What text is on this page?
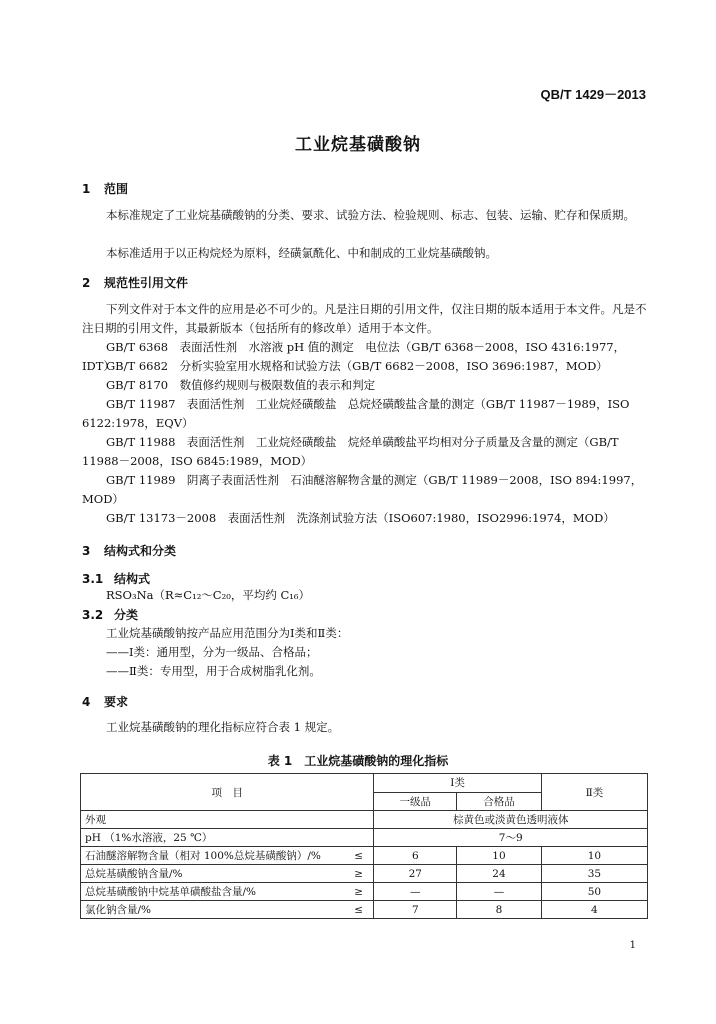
QB/T 1429－2013
工业烷基磺酸钠
1 范围
本标准规定了工业烷基磺酸钠的分类、要求、试验方法、检验规则、标志、包装、运输、贮存和保质期。
本标准适用于以正构烷烃为原料，经磺氯酰化、中和制成的工业烷基磺酸钠。
2 规范性引用文件
下列文件对于本文件的应用是必不可少的。凡是注日期的引用文件，仅注日期的版本适用于本文件。凡是不注日期的引用文件，其最新版本（包括所有的修改单）适用于本文件。
GB/T 6368　表面活性剂　水溶液 pH 值的测定　电位法（GB/T 6368－2008，ISO 4316:1977，IDT）
GB/T 6682　分析实验室用水规格和试验方法（GB/T 6682－2008，ISO 3696:1987，MOD）
GB/T 8170　数值修约规则与极限数值的表示和判定
GB/T 11987　表面活性剂　工业烷烃磺酸盐　总烷烃磺酸盐含量的测定（GB/T 11987－1989，ISO 6122:1978，EQV）
GB/T 11988　表面活性剂　工业烷烃磺酸盐　烷烃单磺酸盐平均相对分子质量及含量的测定（GB/T 11988－2008，ISO 6845:1989，MOD）
GB/T 11989　阴离子表面活性剂　石油醚溶解物含量的测定（GB/T 11989－2008，ISO 894:1997，MOD）
GB/T 13173－2008　表面活性剂　洗涤剂试验方法（ISO607:1980，ISO2996:1974，MOD）
3 结构式和分类
3.1 结构式
RSO₃Na（R≈C₁₂～C₂₀，平均约 C₁₆）
3.2 分类
工业烷基磺酸钠按产品应用范围分为Ⅰ类和Ⅱ类：
——Ⅰ类：通用型，分为一级品、合格品；
——Ⅱ类：专用型，用于合成树脂乳化剂。
4 要求
工业烷基磺酸钠的理化指标应符合表 1 规定。
表 1　工业烷基磺酸钠的理化指标
项　目		Ⅰ类		Ⅱ类
		一级品	合格品	
外观		棕黄色或淡黄色透明液体		
pH （1%水溶液，25 ℃）		7～9		
石油醚溶解物含量（相对 100%总烷基磺酸钠）/%	≤	6	10	10
总烷基磺酸钠含量/%	≥	27	24	35
总烷基磺酸钠中烷基单磺酸盐含量/%	≥	—	—	50
氯化钠含量/%	≤	7	8	4
1
